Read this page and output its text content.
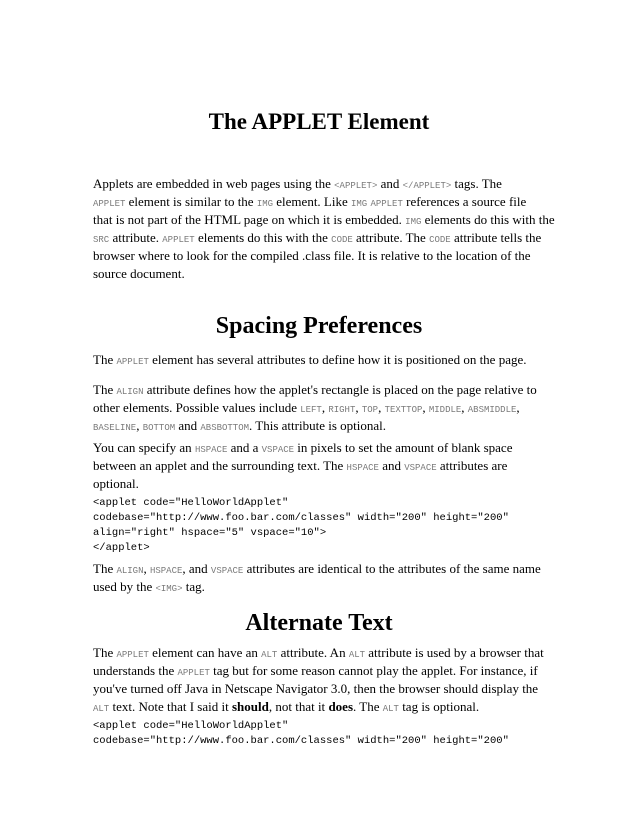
The APPLET Element
Applets are embedded in web pages using the <APPLET> and </APPLET> tags. The
APPLET element is similar to the IMG element. Like IMG APPLET references a source file
that is not part of the HTML page on which it is embedded. IMG elements do this with the
SRC attribute. APPLET elements do this with the CODE attribute. The CODE attribute tells the
browser where to look for the compiled .class file. It is relative to the location of the
source document.
Spacing Preferences
The APPLET element has several attributes to define how it is positioned on the page.
The ALIGN attribute defines how the applet's rectangle is placed on the page relative to
other elements. Possible values include LEFT, RIGHT, TOP, TEXTTOP, MIDDLE, ABSMIDDLE,
BASELINE, BOTTOM and ABSBOTTOM. This attribute is optional.
You can specify an HSPACE and a VSPACE in pixels to set the amount of blank space
between an applet and the surrounding text. The HSPACE and VSPACE attributes are
optional.
<applet code="HelloWorldApplet"
codebase="http://www.foo.bar.com/classes" width="200" height="200"
align="right" hspace="5" vspace="10">
</applet>
The ALIGN, HSPACE, and VSPACE attributes are identical to the attributes of the same name
used by the <IMG> tag.
Alternate Text
The APPLET element can have an ALT attribute. An ALT attribute is used by a browser that
understands the APPLET tag but for some reason cannot play the applet. For instance, if
you've turned off Java in Netscape Navigator 3.0, then the browser should display the
ALT text. Note that I said it should, not that it does. The ALT tag is optional.
<applet code="HelloWorldApplet"
codebase="http://www.foo.bar.com/classes" width="200" height="200"
